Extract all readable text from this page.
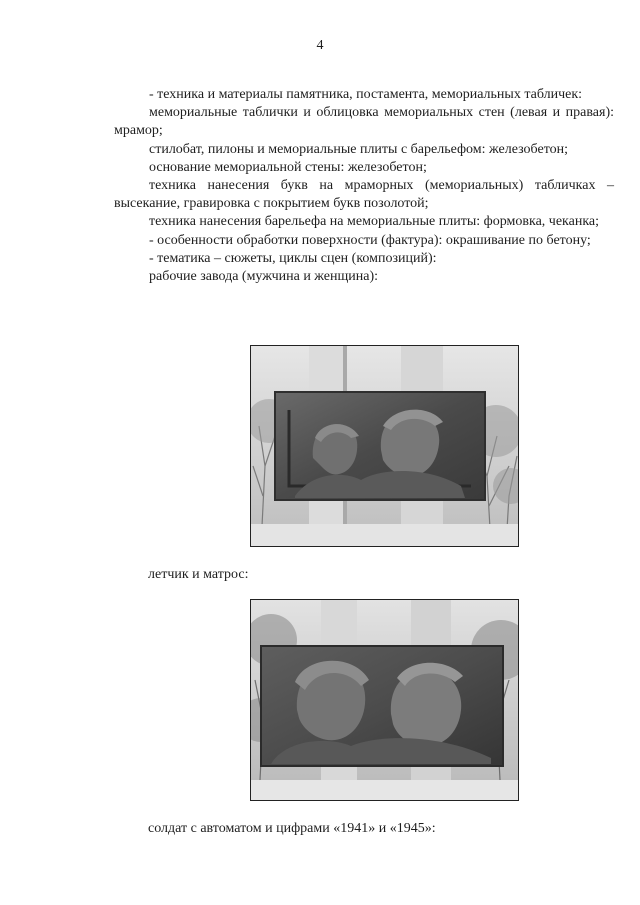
4

- техника и материалы памятника, постамента, мемориальных табличек:

мемориальные таблички и облицовка мемориальных стен (левая и правая): мрамор;

стилобат, пилоны и мемориальные плиты с барельефом: железобетон;

основание мемориальной стены: железобетон;

техника нанесения букв на мраморных (мемориальных) табличках – высекание, гравировка с покрытием букв позолотой;

техника нанесения барельефа на мемориальные плиты: формовка, чеканка;

- особенности обработки поверхности (фактура): окрашивание по бетону;

- тематика – сюжеты, циклы сцен (композиций):

рабочие завода (мужчина и женщина):

летчик и матрос:
солдат с автоматом и цифрами «1941» и «1945»:
